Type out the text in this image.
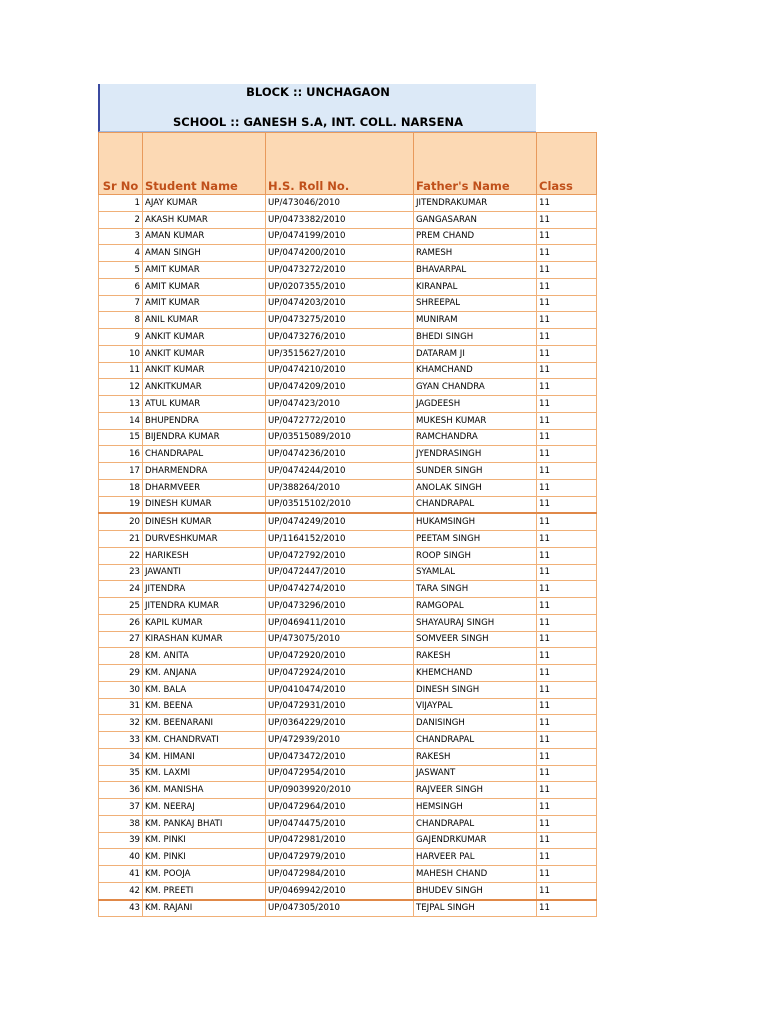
BLOCK :: UNCHAGAON
SCHOOL :: GANESH S.A, INT. COLL. NARSENA
Sr No	Student Name	H.S. Roll No.	Father's Name	Class
1	AJAY KUMAR	UP/473046/2010	JITENDRAKUMAR	11
2	AKASH KUMAR	UP/0473382/2010	GANGASARAN	11
3	AMAN KUMAR	UP/0474199/2010	PREM CHAND	11
4	AMAN SINGH	UP/0474200/2010	RAMESH	11
5	AMIT KUMAR	UP/0473272/2010	BHAVARPAL	11
6	AMIT KUMAR	UP/0207355/2010	KIRANPAL	11
7	AMIT KUMAR	UP/0474203/2010	SHREEPAL	11
8	ANIL KUMAR	UP/0473275/2010	MUNIRAM	11
9	ANKIT KUMAR	UP/0473276/2010	BHEDI SINGH	11
10	ANKIT KUMAR	UP/3515627/2010	DATARAM JI	11
11	ANKIT KUMAR	UP/0474210/2010	KHAMCHAND	11
12	ANKITKUMAR	UP/0474209/2010	GYAN CHANDRA	11
13	ATUL KUMAR	UP/047423/2010	JAGDEESH	11
14	BHUPENDRA	UP/0472772/2010	MUKESH KUMAR	11
15	BIJENDRA KUMAR	UP/03515089/2010	RAMCHANDRA	11
16	CHANDRAPAL	UP/0474236/2010	JYENDRASINGH	11
17	DHARMENDRA	UP/0474244/2010	SUNDER SINGH	11
18	DHARMVEER	UP/388264/2010	ANOLAK SINGH	11
19	DINESH KUMAR	UP/03515102/2010	CHANDRAPAL	11
20	DINESH KUMAR	UP/0474249/2010	HUKAMSINGH	11
21	DURVESHKUMAR	UP/1164152/2010	PEETAM SINGH	11
22	HARIKESH	UP/0472792/2010	ROOP SINGH	11
23	JAWANTI	UP/0472447/2010	SYAMLAL	11
24	JITENDRA	UP/0474274/2010	TARA SINGH	11
25	JITENDRA KUMAR	UP/0473296/2010	RAMGOPAL	11
26	KAPIL KUMAR	UP/0469411/2010	SHAYAURAJ SINGH	11
27	KIRASHAN KUMAR	UP/473075/2010	SOMVEER SINGH	11
28	KM. ANITA	UP/0472920/2010	RAKESH	11
29	KM. ANJANA	UP/0472924/2010	KHEMCHAND	11
30	KM. BALA	UP/0410474/2010	DINESH SINGH	11
31	KM. BEENA	UP/0472931/2010	VIJAYPAL	11
32	KM. BEENARANI	UP/0364229/2010	DANISINGH	11
33	KM. CHANDRVATI	UP/472939/2010	CHANDRAPAL	11
34	KM. HIMANI	UP/0473472/2010	RAKESH	11
35	KM. LAXMI	UP/0472954/2010	JASWANT	11
36	KM. MANISHA	UP/09039920/2010	RAJVEER SINGH	11
37	KM. NEERAJ	UP/0472964/2010	HEMSINGH	11
38	KM. PANKAJ BHATI	UP/0474475/2010	CHANDRAPAL	11
39	KM. PINKI	UP/0472981/2010	GAJENDRKUMAR	11
40	KM. PINKI	UP/0472979/2010	HARVEER PAL	11
41	KM. POOJA	UP/0472984/2010	MAHESH CHAND	11
42	KM. PREETI	UP/0469942/2010	BHUDEV SINGH	11
43	KM. RAJANI	UP/047305/2010	TEJPAL SINGH	11
